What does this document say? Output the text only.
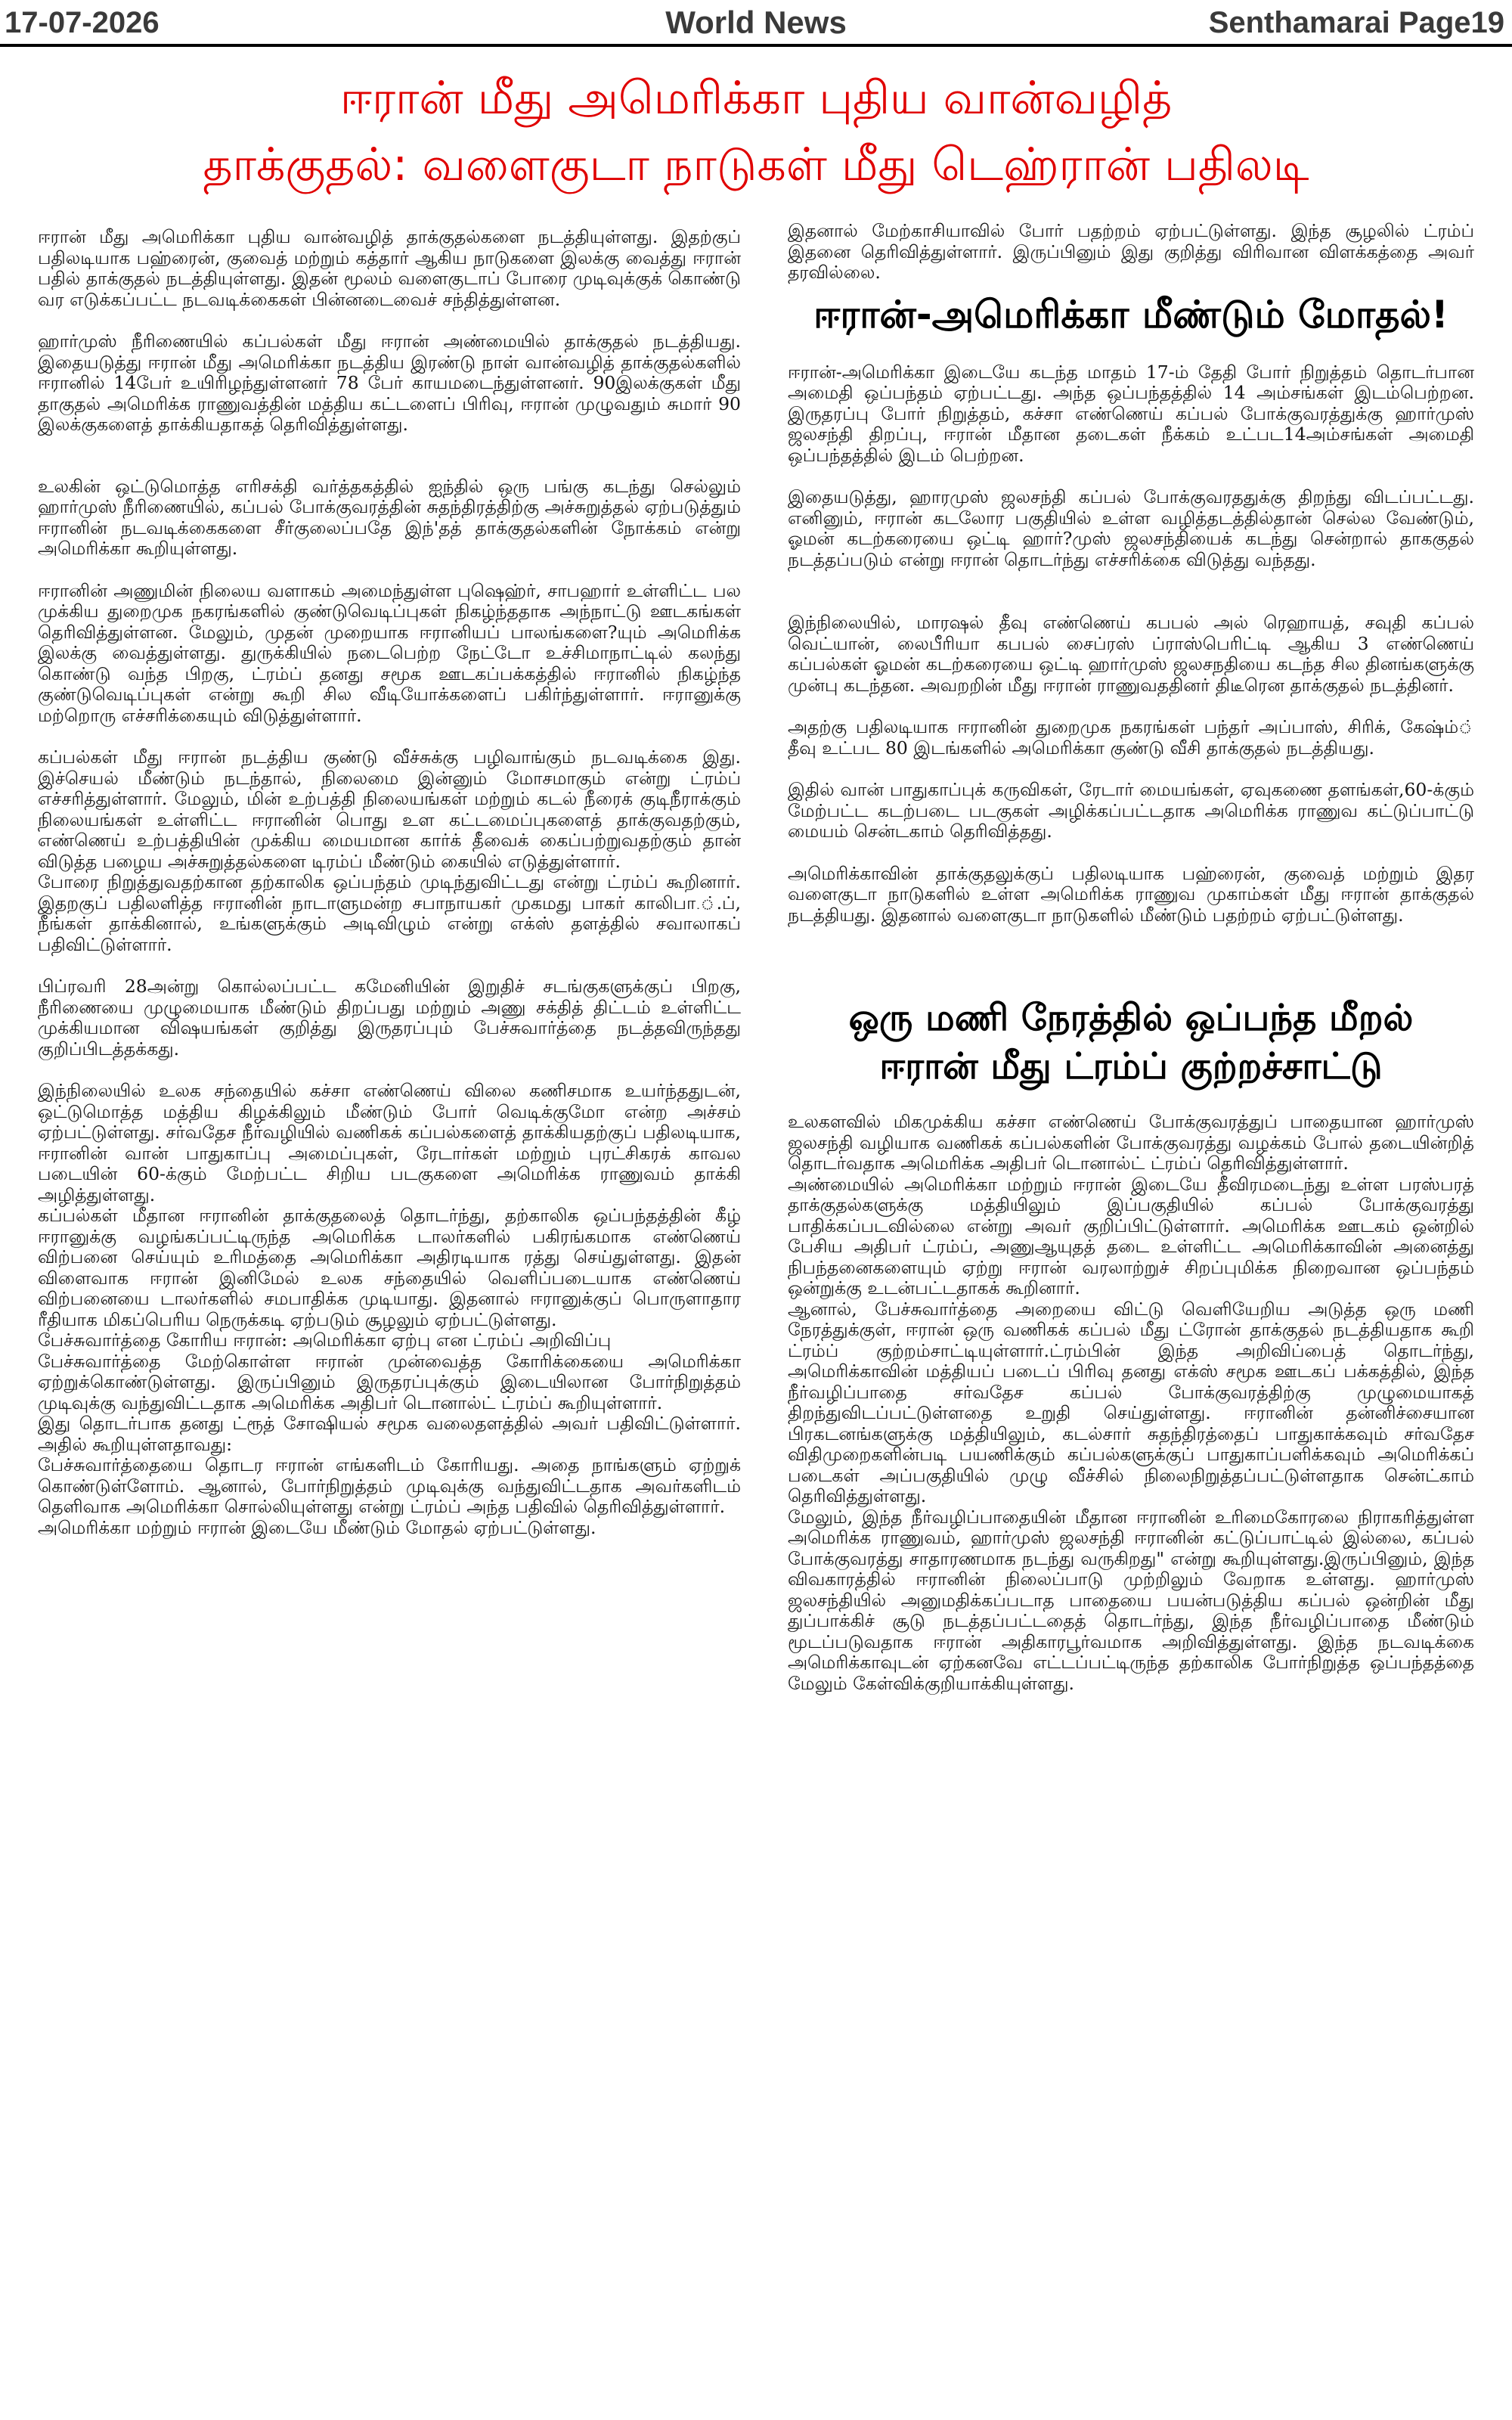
World News
17-07-2026	Senthamarai Page19
ஈரான் மீது அமெரிக்கா புதிய வான்வழித்
தாக்குதல்: வளைகுடா நாடுகள் மீது டெஹ்ரான் பதிலடி

ஈரான் மீது அமெரிக்கா புதிய வான்வழித் தாக்குதல்களை நடத்தியுள்ளது. இதற்குப் பதிலடியாக பஹ்ரைன், குவைத் மற்றும் கத்தார் ஆகிய நாடுகளை இலக்கு வைத்து ஈரான் பதில் தாக்குதல் நடத்தியுள்ளது. இதன் மூலம் வளைகுடாப் போரை முடிவுக்குக் கொண்டு வர எடுக்கப்பட்ட நடவடிக்கைகள் பின்னடைவைச் சந்தித்துள்ளன.

ஹார்முஸ் நீரிணையில் கப்பல்கள் மீது ஈரான் அண்மையில் தாக்குதல் நடத்தியது. இதையடுத்து ஈரான் மீது அமெரிக்கா நடத்திய இரண்டு நாள் வான்வழித் தாக்குதல்களில் ஈரானில் 14பேர் உயிரிழந்துள்ளனர் 78 பேர் காயமடைந்துள்ளனர். 90இலக்குகள் மீது தாகுதல் அமெரிக்க ராணுவத்தின் மத்திய கட்டளைப் பிரிவு, ஈரான் முழுவதும் சுமார் 90 இலக்குகளைத் தாக்கியதாகத் தெரிவித்துள்ளது.

உலகின் ஒட்டுமொத்த எரிசக்தி வர்த்தகத்தில் ஐந்தில் ஒரு பங்கு கடந்து செல்லும் ஹார்முஸ் நீரிணையில், கப்பல் போக்குவரத்தின் சுதந்திரத்திற்கு அச்சுறுத்தல் ஏற்படுத்தும் ஈரானின் நடவடிக்கைகளை சீர்குலைப்பதே இந்'தத் தாக்குதல்களின் நோக்கம் என்று அமெரிக்கா கூறியுள்ளது.

ஈரானின் அணுமின் நிலைய வளாகம் அமைந்துள்ள புஷெஹ்ர், சாபஹார் உள்ளிட்ட பல முக்கிய துறைமுக நகரங்களில் குண்டுவெடிப்புகள் நிகழ்ந்ததாக அந்நாட்டு ஊடகங்கள் தெரிவித்துள்ளன. மேலும், முதன் முறையாக ஈரானியப் பாலங்களை?யும் அமெரிக்க இலக்கு வைத்துள்ளது. துருக்கியில் நடைபெற்ற நேட்டோ உச்சிமாநாட்டில் கலந்து கொண்டு வந்த பிறகு, ட்ரம்ப் தனது சமூக ஊடகப்பக்கத்தில் ஈரானில் நிகழ்ந்த குண்டுவெடிப்புகள் என்று கூறி சில வீடியோக்களைப் பகிர்ந்துள்ளார். ஈரானுக்கு மற்றொரு எச்சரிக்கையும் விடுத்துள்ளார்.

கப்பல்கள் மீது ஈரான் நடத்திய குண்டு வீச்சுக்கு பழிவாங்கும் நடவடிக்கை இது. இச்செயல் மீண்டும் நடந்தால், நிலைமை இன்னும் மோசமாகும் என்று ட்ரம்ப் எச்சரித்துள்ளார். மேலும், மின் உற்பத்தி நிலையங்கள் மற்றும் கடல் நீரைக் குடிநீராக்கும் நிலையங்கள் உள்ளிட்ட ஈரானின் பொது உள கட்டமைப்புகளைத் தாக்குவதற்கும், எண்ணெய் உற்பத்தியின் முக்கிய மையமான கார்க் தீவைக் கைப்பற்றுவதற்கும் தான் விடுத்த பழைய அச்சுறுத்தல்களை டிரம்ப் மீண்டும் கையில் எடுத்துள்ளார்.

போரை நிறுத்துவதற்கான தற்காலிக ஒப்பந்தம் முடிந்துவிட்டது என்று ட்ரம்ப் கூறினார். இதறகுப் பதிலளித்த ஈரானின் நாடாளுமன்ற சபாநாயகர் முகமது பாகர் காலிபா.்.ப், நீங்கள் தாக்கினால், உங்களுக்கும் அடிவிழும் என்று எக்ஸ் தளத்தில் சவாலாகப் பதிவிட்டுள்ளார்.

பிப்ரவரி 28அன்று கொல்லப்பட்ட கமேனியின் இறுதிச் சடங்குகளுக்குப் பிறகு, நீரிணையை முழுமையாக மீண்டும் திறப்பது மற்றும் அணு சக்தித் திட்டம் உள்ளிட்ட முக்கியமான விஷயங்கள் குறித்து இருதரப்பும் பேச்சுவார்த்தை நடத்தவிருந்தது குறிப்பிடத்தக்கது.

இந்நிலையில் உலக சந்தையில் கச்சா எண்ணெய் விலை கணிசமாக உயர்ந்ததுடன், ஒட்டுமொத்த மத்திய கிழக்கிலும் மீண்டும் போர் வெடிக்குமோ என்ற அச்சம் ஏற்பட்டுள்ளது. சர்வதேச நீர்வழியில் வணிகக் கப்பல்களைத் தாக்கியதற்குப் பதிலடியாக, ஈரானின் வான் பாதுகாப்பு அமைப்புகள், ரேடார்கள் மற்றும் புரட்சிகரக் காவல படையின் 60-க்கும் மேற்பட்ட சிறிய படகுகளை அமெரிக்க ராணுவம் தாக்கி அழித்துள்ளது.

கப்பல்கள் மீதான ஈரானின் தாக்குதலைத் தொடர்ந்து, தற்காலிக ஒப்பந்தத்தின் கீழ் ஈரானுக்கு வழங்கப்பட்டிருந்த அமெரிக்க டாலர்களில் பகிரங்கமாக எண்ணெய் விற்பனை செய்யும் உரிமத்தை அமெரிக்கா அதிரடியாக ரத்து செய்துள்ளது. இதன் விளைவாக ஈரான் இனிமேல் உலக சந்தையில் வெளிப்படையாக எண்ணெய் விற்பனையை டாலர்களில் சமபாதிக்க முடியாது. இதனால் ஈரானுக்குப் பொருளாதார ரீதியாக மிகப்பெரிய நெருக்கடி ஏற்படும் சூழலும் ஏற்பட்டுள்ளது.

பேச்சுவார்த்தை கோரிய ஈரான்: அமெரிக்கா ஏற்பு என ட்ரம்ப் அறிவிப்பு

பேச்சுவார்த்தை மேற்கொள்ள ஈரான் முன்வைத்த கோரிக்கையை அமெரிக்கா ஏற்றுக்கொண்டுள்ளது. இருப்பினும் இருதரப்புக்கும் இடையிலான போர்நிறுத்தம் முடிவுக்கு வந்துவிட்டதாக அமெரிக்க அதிபர் டொனால்ட் ட்ரம்ப் கூறியுள்ளார்.

இது தொடர்பாக தனது ட்ரூத் சோஷியல் சமூக வலைதளத்தில் அவர் பதிவிட்டுள்ளார். அதில் கூறியுள்ளதாவது:

பேச்சுவார்த்தையை தொடர ஈரான் எங்களிடம் கோரியது. அதை நாங்களும் ஏற்றுக் கொண்டுள்ளோம். ஆனால், போர்நிறுத்தம் முடிவுக்கு வந்துவிட்டதாக அவர்களிடம் தெளிவாக அமெரிக்கா சொல்லியுள்ளது என்று ட்ரம்ப் அந்த பதிவில் தெரிவித்துள்ளார்.

அமெரிக்கா மற்றும் ஈரான் இடையே மீண்டும் மோதல் ஏற்பட்டுள்ளது.

இதனால் மேற்காசியாவில் போர் பதற்றம் ஏற்பட்டுள்ளது. இந்த சூழலில் ட்ரம்ப் இதனை தெரிவித்துள்ளார். இருப்பினும் இது குறித்து விரிவான விளக்கத்தை அவர் தரவில்லை.

ஈரான்-அமெரிக்கா மீண்டும் மோதல்!

ஈரான்-அமெரிக்கா இடையே கடந்த மாதம் 17-ம் தேதி போர் நிறுத்தம் தொடர்பான அமைதி ஒப்பந்தம் ஏற்பட்டது. அந்த ஒப்பந்தத்தில் 14 அம்சங்கள் இடம்பெற்றன. இருதரப்பு போர் நிறுத்தம், கச்சா எண்ணெய் கப்பல் போக்குவரத்துக்கு ஹார்முஸ் ஜலசந்தி திறப்பு, ஈரான் மீதான தடைகள் நீக்கம் உட்பட14அம்சங்கள் அமைதி ஒப்பந்தத்தில் இடம் பெற்றன.

இதையடுத்து, ஹாரமுஸ் ஜலசந்தி கப்பல் போக்குவரததுக்கு திறந்து விடப்பட்டது. எனினும், ஈரான் கடலோர பகுதியில் உள்ள வழித்தடத்தில்தான் செல்ல வேண்டும், ஓமன் கடற்கரையை ஒட்டி ஹார்?முஸ் ஜலசந்தியைக் கடந்து சென்றால் தாககுதல் நடத்தப்படும் என்று ஈரான் தொடர்ந்து எச்சரிக்கை விடுத்து வந்தது.

இந்நிலையில், மாரஷல் தீவு எண்ணெய் கபபல் அல் ரெஹாயத், சவுதி கப்பல் வெட்யான், லைபீரியா கபபல் சைப்ரஸ் ப்ராஸ்பெரிட்டி ஆகிய 3 எண்ணெய் கப்பல்கள் ஓமன் கடற்கரையை ஒட்டி ஹார்முஸ் ஜலசநதியை கடந்த சில தினங்களுக்கு முன்பு கடந்தன. அவறறின் மீது ஈரான் ராணுவததினர் திடீரென தாக்குதல் நடத்தினர்.

அதற்கு பதிலடியாக ஈரானின் துறைமுக நகரங்கள் பந்தர் அப்பாஸ், சிரிக், கேஷ்ம்் தீவு உட்பட 80 இடங்களில் அமெரிக்கா குண்டு வீசி தாக்குதல் நடத்தியது.

இதில் வான் பாதுகாப்புக் கருவிகள், ரேடார் மையங்கள், ஏவுகணை தளங்கள்,60-க்கும் மேற்பட்ட கடற்படை படகுகள் அழிக்கப்பட்டதாக அமெரிக்க ராணுவ கட்டுப்பாட்டு மையம் சென்டகாம் தெரிவித்தது.

அமெரிக்காவின் தாக்குதலுக்குப் பதிலடியாக பஹ்ரைன், குவைத் மற்றும் இதர வளைகுடா நாடுகளில் உள்ள அமெரிக்க ராணுவ முகாம்கள் மீது ஈரான் தாக்குதல் நடத்தியது. இதனால் வளைகுடா நாடுகளில் மீண்டும் பதற்றம் ஏற்பட்டுள்ளது.

ஒரு மணி நேரத்தில் ஒப்பந்த மீறல்
ஈரான் மீது ட்ரம்ப் குற்றச்சாட்டு

உலகளவில் மிகமுக்கிய கச்சா எண்ணெய் போக்குவரத்துப் பாதையான ஹார்முஸ் ஜலசந்தி வழியாக வணிகக் கப்பல்களின் போக்குவரத்து வழக்கம் போல் தடையின்றித் தொடர்வதாக அமெரிக்க அதிபர் டொனால்ட் ட்ரம்ப் தெரிவித்துள்ளார்.

அண்மையில் அமெரிக்கா மற்றும் ஈரான் இடையே தீவிரமடைந்து உள்ள பரஸ்பரத் தாக்குதல்களுக்கு மத்தியிலும் இப்பகுதியில் கப்பல் போக்குவரத்து பாதிக்கப்படவில்லை என்று அவர் குறிப்பிட்டுள்ளார். அமெரிக்க ஊடகம் ஒன்றில் பேசிய அதிபர் ட்ரம்ப், அணுஆயுதத் தடை உள்ளிட்ட அமெரிக்காவின் அனைத்து நிபந்தனைகளையும் ஏற்று ஈரான் வரலாற்றுச் சிறப்புமிக்க நிறைவான ஒப்பந்தம் ஒன்றுக்கு உடன்பட்டதாகக் கூறினார்.

ஆனால், பேச்சுவார்த்தை அறையை விட்டு வெளியேறிய அடுத்த ஒரு மணி நேரத்துக்குள், ஈரான் ஒரு வணிகக் கப்பல் மீது ட்ரோன் தாக்குதல் நடத்தியதாக கூறி ட்ரம்ப் குற்றம்சாட்டியுள்ளார்.ட்ரம்பின் இந்த அறிவிப்பைத் தொடர்ந்து, அமெரிக்காவின் மத்தியப் படைப் பிரிவு தனது எக்ஸ் சமூக ஊடகப் பக்கத்தில், இந்த நீர்வழிப்பாதை சர்வதேச கப்பல் போக்குவரத்திற்கு முழுமையாகத் திறந்துவிடப்பட்டுள்ளதை உறுதி செய்துள்ளது. ஈரானின் தன்னிச்சையான பிரகடனங்களுக்கு மத்தியிலும், கடல்சார் சுதந்திரத்தைப் பாதுகாக்கவும் சர்வதேச விதிமுறைகளின்படி பயணிக்கும் கப்பல்களுக்குப் பாதுகாப்பளிக்கவும் அமெரிக்கப் படைகள் அப்பகுதியில் முழு வீச்சில் நிலைநிறுத்தப்பட்டுள்ளதாக சென்ட்காம் தெரிவித்துள்ளது.

மேலும், இந்த நீர்வழிப்பாதையின் மீதான ஈரானின் உரிமைகோரலை நிராகரித்துள்ள அமெரிக்க ராணுவம், ஹார்முஸ் ஜலசந்தி ஈரானின் கட்டுப்பாட்டில் இல்லை, கப்பல் போக்குவரத்து சாதாரணமாக நடந்து வருகிறது" என்று கூறியுள்ளது.இருப்பினும், இந்த விவகாரத்தில் ஈரானின் நிலைப்பாடு முற்றிலும் வேறாக உள்ளது. ஹார்முஸ் ஜலசந்தியில் அனுமதிக்கப்படாத பாதையை பயன்படுத்திய கப்பல் ஒன்றின் மீது துப்பாக்கிச் சூடு நடத்தப்பட்டதைத் தொடர்ந்து, இந்த நீர்வழிப்பாதை மீண்டும் மூடப்படுவதாக ஈரான் அதிகாரபூர்வமாக அறிவித்துள்ளது. இந்த நடவடிக்கை அமெரிக்காவுடன் ஏற்கனவே எட்டப்பட்டிருந்த தற்காலிக போர்நிறுத்த ஒப்பந்தத்தை மேலும் கேள்விக்குறியாக்கியுள்ளது.
